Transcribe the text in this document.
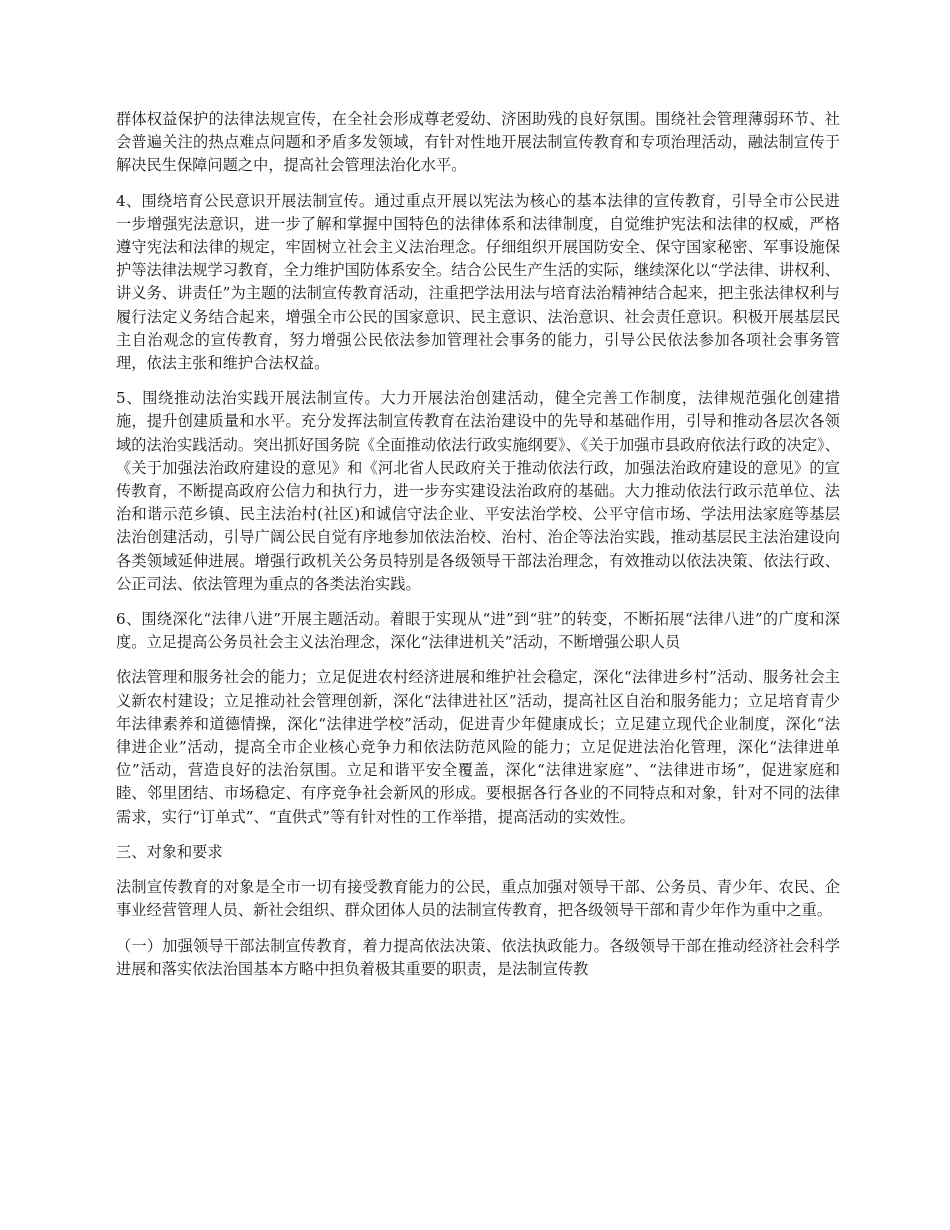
群体权益保护的法律法规宣传，在全社会形成尊老爱幼、济困助残的良好氛围。围绕社会管理薄弱环节、社会普遍关注的热点难点问题和矛盾多发领域，有针对性地开展法制宣传教育和专项治理活动，融法制宣传于解决民生保障问题之中，提高社会管理法治化水平。

4、围绕培育公民意识开展法制宣传。通过重点开展以宪法为核心的基本法律的宣传教育，引导全市公民进一步增强宪法意识，进一步了解和掌握中国特色的法律体系和法律制度，自觉维护宪法和法律的权威，严格遵守宪法和法律的规定，牢固树立社会主义法治理念。仔细组织开展国防安全、保守国家秘密、军事设施保护等法律法规学习教育，全力维护国防体系安全。结合公民生产生活的实际，继续深化以“学法律、讲权利、讲义务、讲责任”为主题的法制宣传教育活动，注重把学法用法与培育法治精神结合起来，把主张法律权利与履行法定义务结合起来，增强全市公民的国家意识、民主意识、法治意识、社会责任意识。积极开展基层民主自治观念的宣传教育，努力增强公民依法参加管理社会事务的能力，引导公民依法参加各项社会事务管理，依法主张和维护合法权益。

5、围绕推动法治实践开展法制宣传。大力开展法治创建活动，健全完善工作制度，法律规范强化创建措施，提升创建质量和水平。充分发挥法制宣传教育在法治建设中的先导和基础作用，引导和推动各层次各领域的法治实践活动。突出抓好国务院《全面推动依法行政实施纲要》、《关于加强市县政府依法行政的决定》、《关于加强法治政府建设的意见》和《河北省人民政府关于推动依法行政，加强法治政府建设的意见》的宣传教育，不断提高政府公信力和执行力，进一步夯实建设法治政府的基础。大力推动依法行政示范单位、法治和谐示范乡镇、民主法治村(社区)和诚信守法企业、平安法治学校、公平守信市场、学法用法家庭等基层法治创建活动，引导广阔公民自觉有序地参加依法治校、治村、治企等法治实践，推动基层民主法治建设向各类领域延伸进展。增强行政机关公务员特别是各级领导干部法治理念，有效推动以依法决策、依法行政、公正司法、依法管理为重点的各类法治实践。

6、围绕深化“法律八进”开展主题活动。着眼于实现从“进”到“驻”的转变，不断拓展“法律八进”的广度和深度。立足提高公务员社会主义法治理念，深化“法律进机关”活动，不断增强公职人员

依法管理和服务社会的能力；立足促进农村经济进展和维护社会稳定，深化“法律进乡村”活动、服务社会主义新农村建设；立足推动社会管理创新，深化“法律进社区”活动，提高社区自治和服务能力；立足培育青少年法律素养和道德情操，深化“法律进学校”活动，促进青少年健康成长；立足建立现代企业制度，深化“法律进企业”活动，提高全市企业核心竞争力和依法防范风险的能力；立足促进法治化管理，深化“法律进单位”活动，营造良好的法治氛围。立足和谐平安全覆盖，深化“法律进家庭”、“法律进市场”，促进家庭和睦、邻里团结、市场稳定、有序竞争社会新风的形成。要根据各行各业的不同特点和对象，针对不同的法律需求，实行“订单式”、“直供式”等有针对性的工作举措，提高活动的实效性。

三、对象和要求

法制宣传教育的对象是全市一切有接受教育能力的公民，重点加强对领导干部、公务员、青少年、农民、企事业经营管理人员、新社会组织、群众团体人员的法制宣传教育，把各级领导干部和青少年作为重中之重。

（一）加强领导干部法制宣传教育，着力提高依法决策、依法执政能力。各级领导干部在推动经济社会科学进展和落实依法治国基本方略中担负着极其重要的职责，是法制宣传教
